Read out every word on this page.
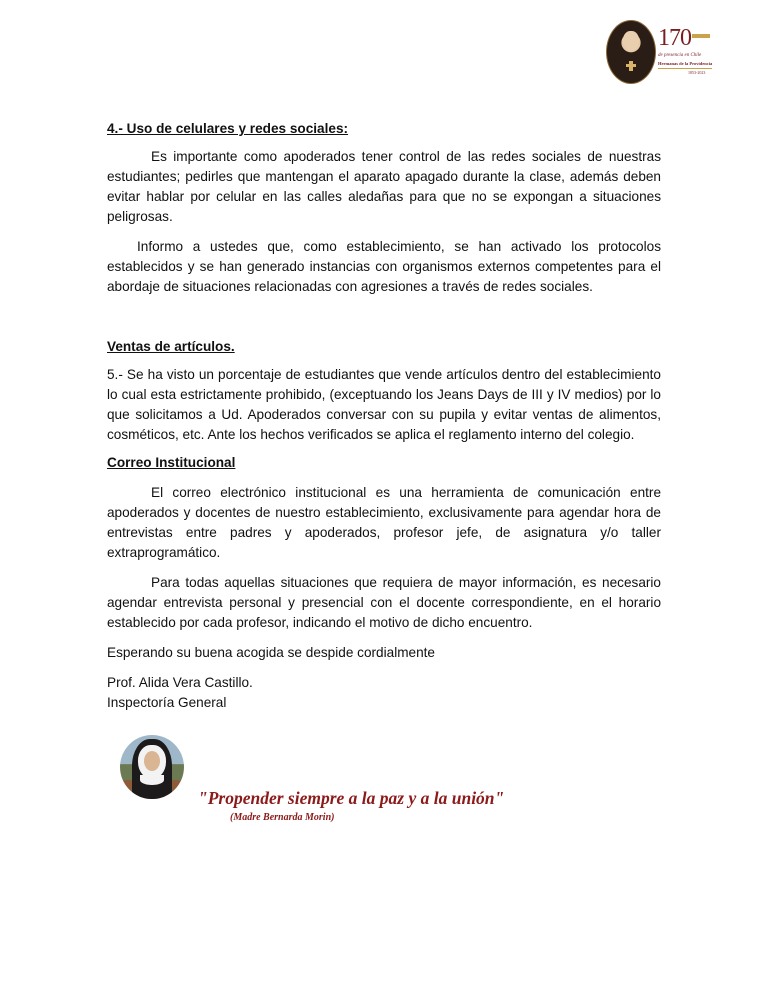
170
de presencia en Chile
Hermanas de la Providencia
1853-2023

4.- Uso de celulares y redes sociales:

Es importante como apoderados tener control de las redes sociales de nuestras estudiantes; pedirles que mantengan el aparato apagado durante la clase, además deben evitar hablar por celular en las calles aledañas para que no se expongan a situaciones peligrosas.

Informo a ustedes que, como establecimiento, se han activado los protocolos establecidos y se han generado instancias con organismos externos competentes para el abordaje de situaciones relacionadas con agresiones a través de redes sociales.

Ventas de artículos.

5.- Se ha visto un porcentaje de estudiantes que vende artículos dentro del establecimiento lo cual esta estrictamente prohibido, (exceptuando los Jeans Days de III y IV medios) por lo que solicitamos a Ud. Apoderados conversar con su pupila y evitar ventas de alimentos, cosméticos, etc. Ante los hechos verificados se aplica el reglamento interno del colegio.

Correo Institucional

El correo electrónico institucional es una herramienta de comunicación entre apoderados y docentes de nuestro establecimiento, exclusivamente para agendar hora de entrevistas entre padres y apoderados, profesor jefe, de asignatura y/o taller extraprogramático.

Para todas aquellas situaciones que requiera de mayor información, es necesario agendar entrevista personal y presencial con el docente correspondiente, en el horario establecido por cada profesor, indicando el motivo de dicho encuentro.

Esperando su buena acogida se despide cordialmente

Prof. Alida Vera Castillo.

Inspectoría General

"Propender siempre a la paz y a la unión"
(Madre Bernarda Morin)
